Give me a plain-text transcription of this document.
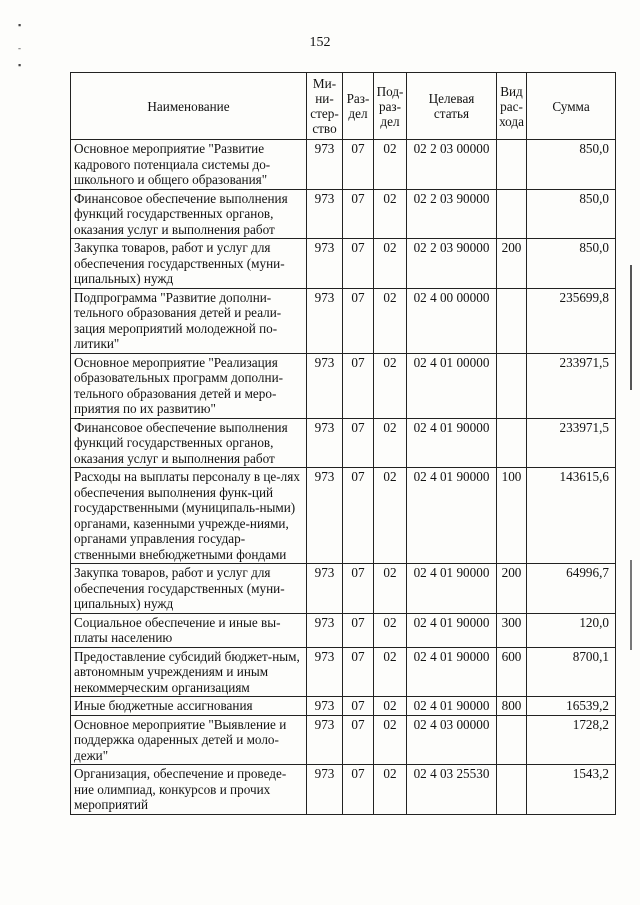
▪
-
▪
152
Наименование	Ми-
ни-
стер-
ство	Раз-
дел	Под-
раз-
дел	Целевая
статья	Вид
рас-
хода	Сумма
Основное мероприятие "Развитие кадрового потенциала системы до-школьного и общего образования"	973	07	02	02 2 03 00000		850,0
Финансовое обеспечение выполнения функций государственных органов, оказания услуг и выполнения работ	973	07	02	02 2 03 90000		850,0
Закупка товаров, работ и услуг для обеспечения государственных (муни-ципальных) нужд	973	07	02	02 2 03 90000	200	850,0
Подпрограмма "Развитие дополни-тельного образования детей и реали-зация мероприятий молодежной по-литики"	973	07	02	02 4 00 00000		235699,8
Основное мероприятие "Реализация образовательных программ дополни-тельного образования детей и меро-приятия по их развитию"	973	07	02	02 4 01 00000		233971,5
Финансовое обеспечение выполнения функций государственных органов, оказания услуг и выполнения работ	973	07	02	02 4 01 90000		233971,5
Расходы на выплаты персоналу в це-лях обеспечения выполнения функ-ций государственными (муниципаль-ными) органами, казенными учрежде-ниями, органами управления государ-ственными внебюджетными фондами	973	07	02	02 4 01 90000	100	143615,6
Закупка товаров, работ и услуг для обеспечения государственных (муни-ципальных) нужд	973	07	02	02 4 01 90000	200	64996,7
Социальное обеспечение и иные вы-платы населению	973	07	02	02 4 01 90000	300	120,0
Предоставление субсидий бюджет-ным, автономным учреждениям и иным некоммерческим организациям	973	07	02	02 4 01 90000	600	8700,1
Иные бюджетные ассигнования	973	07	02	02 4 01 90000	800	16539,2
Основное мероприятие "Выявление и поддержка одаренных детей и моло-дежи"	973	07	02	02 4 03 00000		1728,2
Организация, обеспечение и проведе-ние олимпиад, конкурсов и прочих мероприятий	973	07	02	02 4 03 25530		1543,2
